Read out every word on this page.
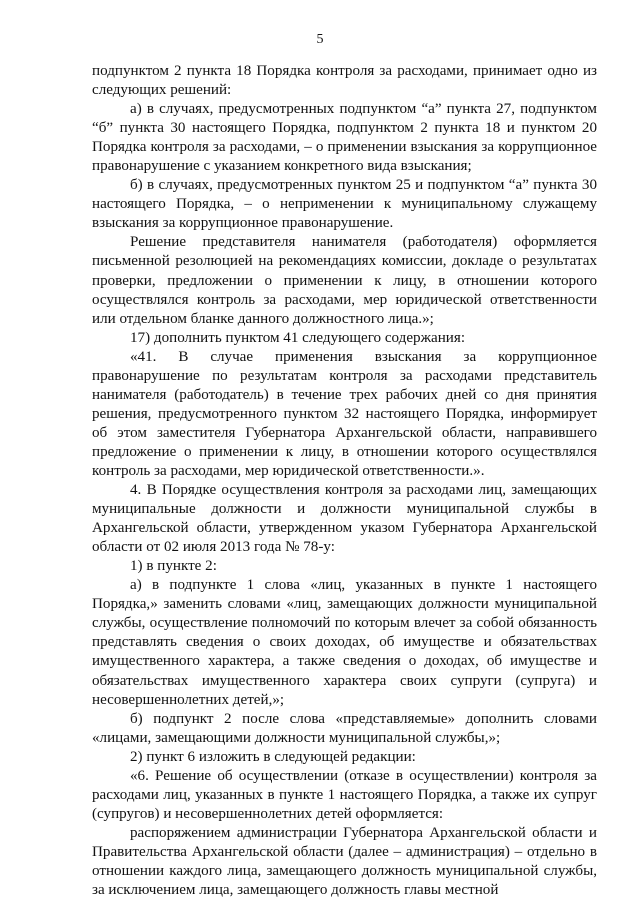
5

подпунктом 2 пункта 18 Порядка контроля за расходами, принимает одно из следующих решений:

а) в случаях, предусмотренных подпунктом “а” пункта 27, подпунктом “б” пункта 30 настоящего Порядка, подпунктом 2 пункта 18 и пунктом 20 Порядка контроля за расходами, – о применении взыскания за коррупционное правонарушение с указанием конкретного вида взыскания;

б) в случаях, предусмотренных пунктом 25 и подпунктом “а” пункта 30 настоящего Порядка, – о неприменении к муниципальному служащему взыскания за коррупционное правонарушение.

Решение представителя нанимателя (работодателя) оформляется письменной резолюцией на рекомендациях комиссии, докладе о результатах проверки, предложении о применении к лицу, в отношении которого осуществлялся контроль за расходами, мер юридической ответственности или отдельном бланке данного должностного лица.»;

17) дополнить пунктом 41 следующего содержания:

«41. В случае применения взыскания за коррупционное правонарушение по результатам контроля за расходами представитель нанимателя (работодатель) в течение трех рабочих дней со дня принятия решения, предусмотренного пунктом 32 настоящего Порядка, информирует об этом заместителя Губернатора Архангельской области, направившего предложение о применении к лицу, в отношении которого осуществлялся контроль за расходами, мер юридической ответственности.».

4. В Порядке осуществления контроля за расходами лиц, замещающих муниципальные должности и должности муниципальной службы в Архангельской области, утвержденном указом Губернатора Архангельской области от 02 июля 2013 года № 78-у:

1) в пункте 2:

а) в подпункте 1 слова «лиц, указанных в пункте 1 настоящего Порядка,» заменить словами «лиц, замещающих должности муниципальной службы, осуществление полномочий по которым влечет за собой обязанность представлять сведения о своих доходах, об имуществе и обязательствах имущественного характера, а также сведения о доходах, об имуществе и обязательствах имущественного характера своих супруги (супруга) и несовершеннолетних детей,»;

б) подпункт 2 после слова «представляемые» дополнить словами «лицами, замещающими должности муниципальной службы,»;

2) пункт 6 изложить в следующей редакции:

«6. Решение об осуществлении (отказе в осуществлении) контроля за расходами лиц, указанных в пункте 1 настоящего Порядка, а также их супруг (супругов) и несовершеннолетних детей оформляется:

распоряжением администрации Губернатора Архангельской области и Правительства Архангельской области (далее – администрация) – отдельно в отношении каждого лица, замещающего должность муниципальной службы, за исключением лица, замещающего должность главы местной
